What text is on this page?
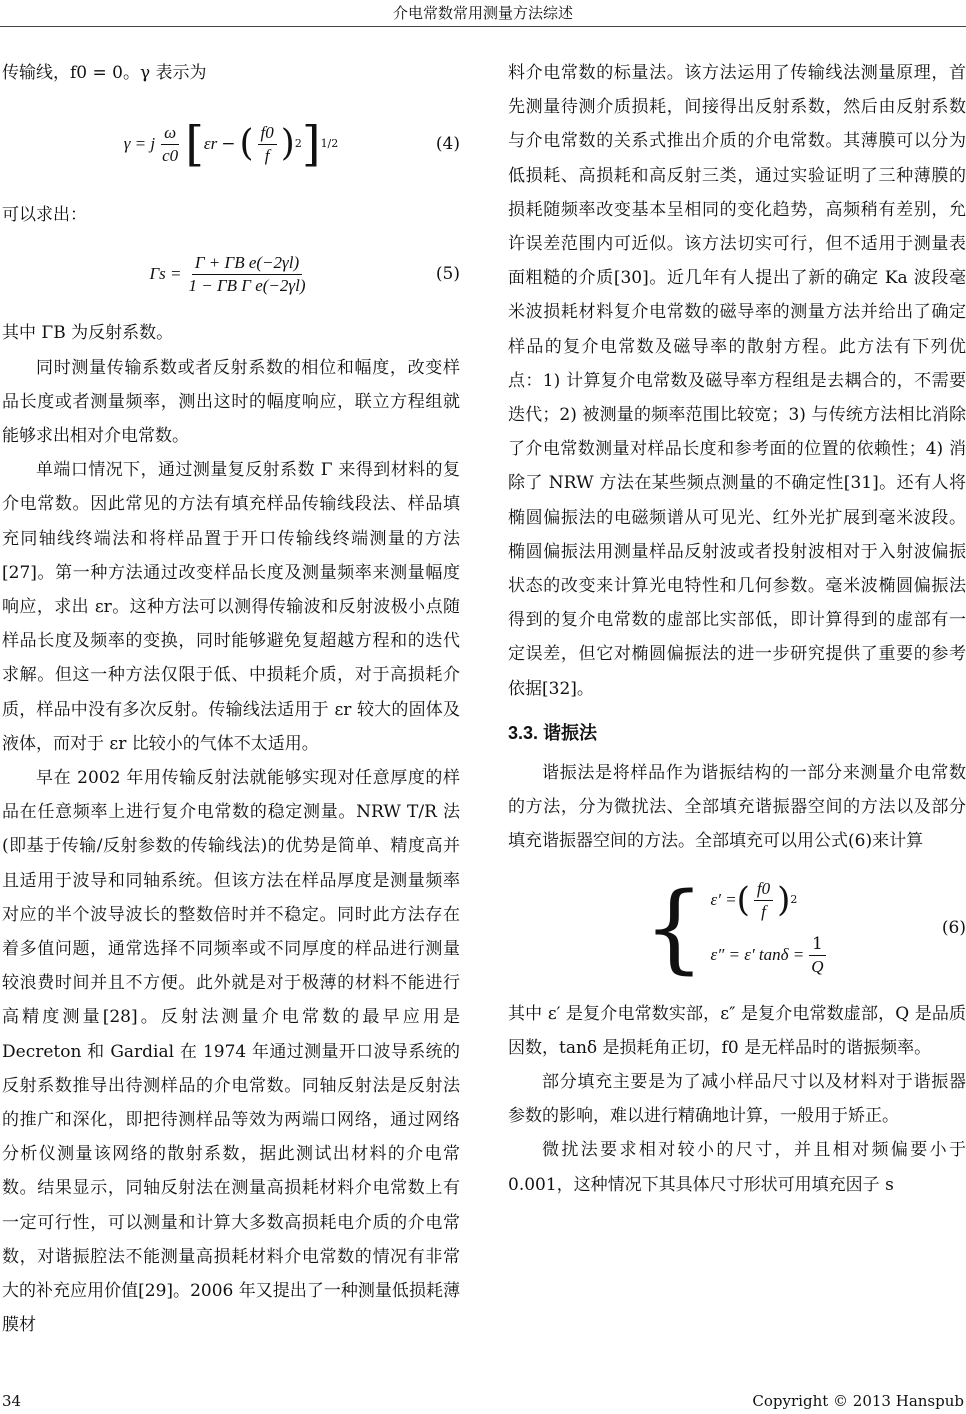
介电常数常用测量方法综述

传输线，f0 = 0。γ 表示为

γ = j $\frac{\omega}{c0}$ [ εr − ( $\frac{f0}{f}$ ) 2 ] 1/2	(4)

可以求出：

$\Gamma s = \frac{\text{Γ + ΓB e(−2γl)}}{\text{1 − ΓB Γ e(−2γl)}}$	(5)

其中 ΓB 为反射系数。

同时测量传输系数或者反射系数的相位和幅度，改变样品长度或者测量频率，测出这时的幅度响应，联立方程组就能够求出相对介电常数。

单端口情况下，通过测量复反射系数 Γ 来得到材料的复介电常数。因此常见的方法有填充样品传输线段法、样品填充同轴线终端法和将样品置于开口传输线终端测量的方法[27]。第一种方法通过改变样品长度及测量频率来测量幅度响应，求出 εr。这种方法可以测得传输波和反射波极小点随样品长度及频率的变换，同时能够避免复超越方程和的迭代求解。但这一种方法仅限于低、中损耗介质，对于高损耗介质，样品中没有多次反射。传输线法适用于 εr 较大的固体及液体，而对于 εr 比较小的气体不太适用。

早在 2002 年用传输反射法就能够实现对任意厚度的样品在任意频率上进行复介电常数的稳定测量。NRW T/R 法(即基于传输/反射参数的传输线法)的优势是简单、精度高并且适用于波导和同轴系统。但该方法在样品厚度是测量频率对应的半个波导波长的整数倍时并不稳定。同时此方法存在着多值问题，通常选择不同频率或不同厚度的样品进行测量较浪费时间并且不方便。此外就是对于极薄的材料不能进行高精度测量[28]。反射法测量介电常数的最早应用是 Decreton 和 Gardial 在 1974 年通过测量开口波导系统的反射系数推导出待测样品的介电常数。同轴反射法是反射法的推广和深化，即把待测样品等效为两端口网络，通过网络分析仪测量该网络的散射系数，据此测试出材料的介电常数。结果显示，同轴反射法在测量高损耗材料介电常数上有一定可行性，可以测量和计算大多数高损耗电介质的介电常数，对谐振腔法不能测量高损耗材料介电常数的情况有非常大的补充应用价值[29]。2006 年又提出了一种测量低损耗薄膜材

料介电常数的标量法。该方法运用了传输线法测量原理，首先测量待测介质损耗，间接得出反射系数，然后由反射系数与介电常数的关系式推出介质的介电常数。其薄膜可以分为低损耗、高损耗和高反射三类，通过实验证明了三种薄膜的损耗随频率改变基本呈相同的变化趋势，高频稍有差别，允许误差范围内可近似。该方法切实可行，但不适用于测量表面粗糙的介质[30]。近几年有人提出了新的确定 Ka 波段毫米波损耗材料复介电常数的磁导率的测量方法并给出了确定样品的复介电常数及磁导率的散射方程。此方法有下列优点：1) 计算复介电常数及磁导率方程组是去耦合的，不需要迭代；2) 被测量的频率范围比较宽；3) 与传统方法相比消除了介电常数测量对样品长度和参考面的位置的依赖性；4) 消除了 NRW 方法在某些频点测量的不确定性[31]。还有人将椭圆偏振法的电磁频谱从可见光、红外光扩展到毫米波段。椭圆偏振法用测量样品反射波或者投射波相对于入射波偏振状态的改变来计算光电特性和几何参数。毫米波椭圆偏振法得到的复介电常数的虚部比实部低，即计算得到的虚部有一定误差，但它对椭圆偏振法的进一步研究提供了重要的参考依据[32]。

3.3. 谐振法

谐振法是将样品作为谐振结构的一部分来测量介电常数的方法，分为微扰法、全部填充谐振器空间的方法以及部分填充谐振器空间的方法。全部填充可以用公式(6)来计算

{ ε′ = ( $\frac{f0}{f}$ ) 2
ε″ = ε′ $\tan\delta = \frac{1}{Q}$
(6)

其中 ε′ 是复介电常数实部，ε″ 是复介电常数虚部，Q 是品质因数，tanδ 是损耗角正切，f0 是无样品时的谐振频率。

部分填充主要是为了减小样品尺寸以及材料对于谐振器参数的影响，难以进行精确地计算，一般用于矫正。

微扰法要求相对较小的尺寸，并且相对频偏要小于 0.001，这种情况下其具体尺寸形状可用填充因子 s

34	Copyright © 2013 Hanspub
